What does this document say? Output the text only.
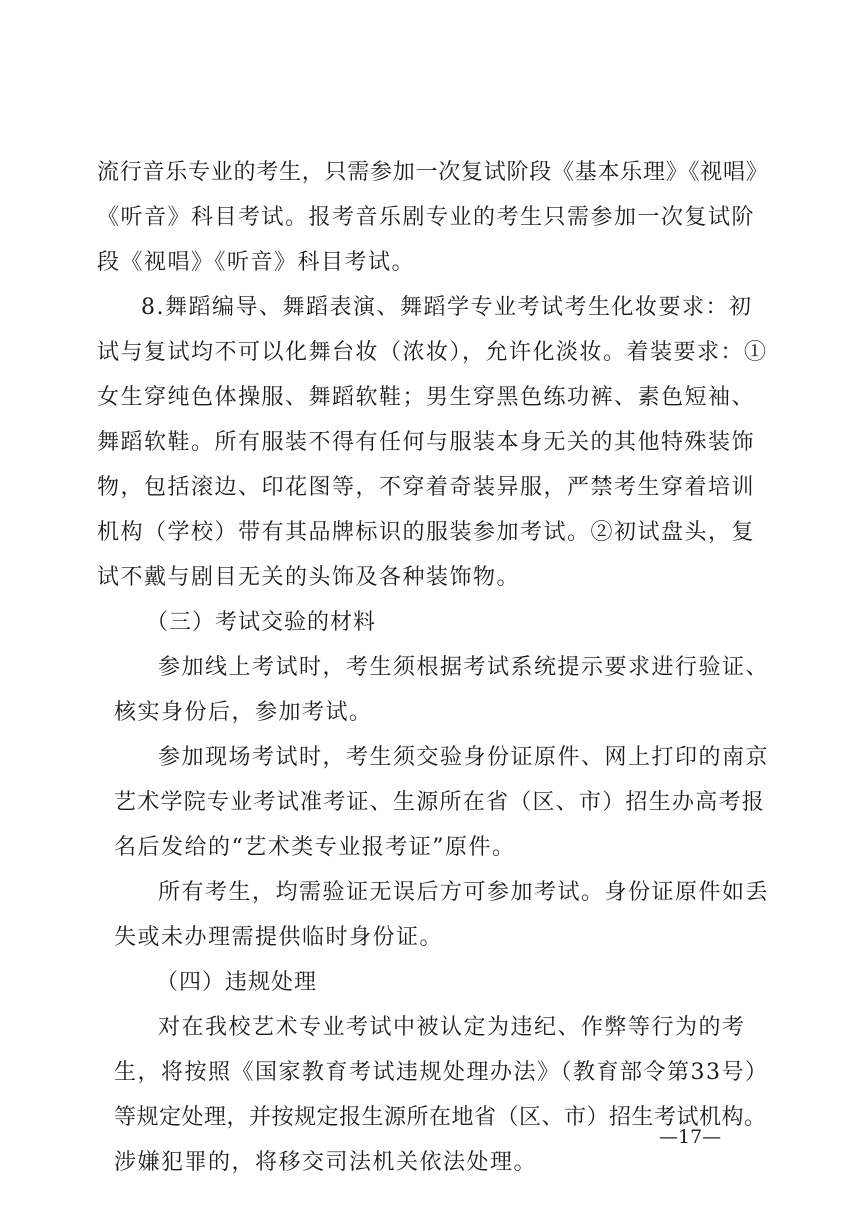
流行音乐专业的考生，只需参加一次复试阶段《基本乐理》《视唱》
《听音》科目考试。报考音乐剧专业的考生只需参加一次复试阶
段《视唱》《听音》科目考试。
8.舞蹈编导、舞蹈表演、舞蹈学专业考试考生化妆要求：初
试与复试均不可以化舞台妆（浓妆），允许化淡妆。着装要求：①
女生穿纯色体操服、舞蹈软鞋；男生穿黑色练功裤、素色短袖、
舞蹈软鞋。所有服装不得有任何与服装本身无关的其他特殊装饰
物，包括滚边、印花图等，不穿着奇装异服，严禁考生穿着培训
机构（学校）带有其品牌标识的服装参加考试。②初试盘头，复
试不戴与剧目无关的头饰及各种装饰物。
（三）考试交验的材料
参加线上考试时，考生须根据考试系统提示要求进行验证、
核实身份后，参加考试。
参加现场考试时，考生须交验身份证原件、网上打印的南京
艺术学院专业考试准考证、生源所在省（区、市）招生办高考报
名后发给的“艺术类专业报考证”原件。
所有考生，均需验证无误后方可参加考试。身份证原件如丢
失或未办理需提供临时身份证。
（四）违规处理
对在我校艺术专业考试中被认定为违纪、作弊等行为的考
生，将按照《国家教育考试违规处理办法》（教育部令第33号）
等规定处理，并按规定报生源所在地省（区、市）招生考试机构。
涉嫌犯罪的，将移交司法机关依法处理。
—17—
